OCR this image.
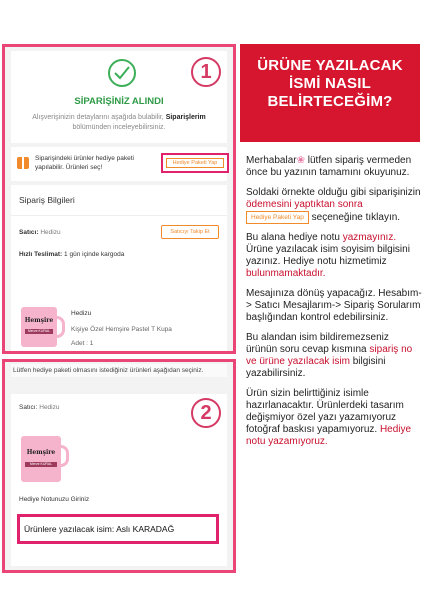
SİPARİŞİNİZ ALINDI
Alışverişinizin detaylarını aşağıda bulabilir, Siparişlerim bölümünden inceleyebilirsiniz.
Siparişindeki ürünler hediye paketi yapılabilir. Ürünleri seç!
Hediye Paketi Yap
Sipariş Bilgileri
Satıcı: Hedizu	Satıcıyı Takip Et
Hızlı Teslimat: 1 gün içinde kargoda
Hemşire
Merve KURAL
Hedizu
Kişiye Özel Hemşire Pastel T Kupa
Adet : 1
1
Lütfen hediye paketi olmasını istediğiniz ürünleri aşağıdan seçiniz.
Satıcı: Hedizu
Hemşire
Merve KURAL
Hediye Notunuzu Giriniz
Ürünlere yazılacak isim: Aslı KARADAĞ
2
ÜRÜNE YAZILACAK
İSMİ NASIL
BELİRTECEĞİM?

Merhabalar❀ lütfen sipariş vermeden önce bu yazının tamamını okuyunuz.

Soldaki örnekte olduğu gibi siparişinizin ödemesini yaptıktan sonra Hediye Paketi Yap seçeneğine tıklayın.

Bu alana hediye notu yazmayınız. Ürüne yazılacak isim soyisim bilgisini yazınız. Hediye notu hizmetimiz bulunmamaktadır.

Mesajınıza dönüş yapacağız. Hesabım-> Satıcı Mesajlarım-> Sipariş Sorularım başlığından kontrol edebilirsiniz.

Bu alandan isim bildiremezseniz ürünün soru cevap kısmına sipariş no ve ürüne yazılacak isim bilgisini yazabilirsiniz.

Ürün sizin belirttiğiniz isimle hazırlanacaktır. Ürünlerdeki tasarım değişmiyor özel yazı yazamıyoruz fotoğraf baskısı yapamıyoruz. Hediye notu yazamıyoruz.
